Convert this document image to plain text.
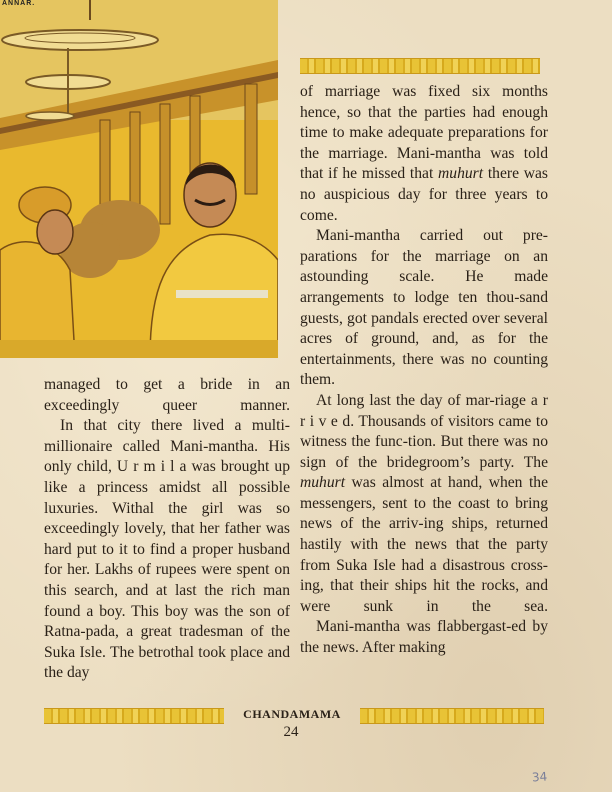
ANNAR.

managed to get a bride in an exceedingly queer manner.

In that city there lived a multi-millionaire called Mani-mantha. His only child, U r m i l a was brought up like a princess amidst all possible luxuries. Withal the girl was so exceedingly lovely, that her father was hard put to it to find a proper husband for her. Lakhs of rupees were spent on this search, and at last the rich man found a boy. This boy was the son of Ratna-pada, a great tradesman of the Suka Isle. The betrothal took place and the day

of marriage was fixed six months hence, so that the parties had enough time to make adequate preparations for the marriage. Mani-mantha was told that if he missed that muhurt there was no auspicious day for three years to come.

Mani-mantha carried out pre-parations for the marriage on an astounding scale. He made arrangements to lodge ten thou-sand guests, got pandals erected over several acres of ground, and, as for the entertainments, there was no counting them.

At long last the day of mar-riage a r r i v e d. Thousands of visitors came to witness the func-tion. But there was no sign of the bridegroom’s party. The muhurt was almost at hand, when the messengers, sent to the coast to bring news of the arriv-ing ships, returned hastily with the news that the party from Suka Isle had a disastrous cross-ing, that their ships hit the rocks, and were sunk in the sea.

Mani-mantha was flabbergast-ed by the news. After making

CHANDAMAMA
24
34
